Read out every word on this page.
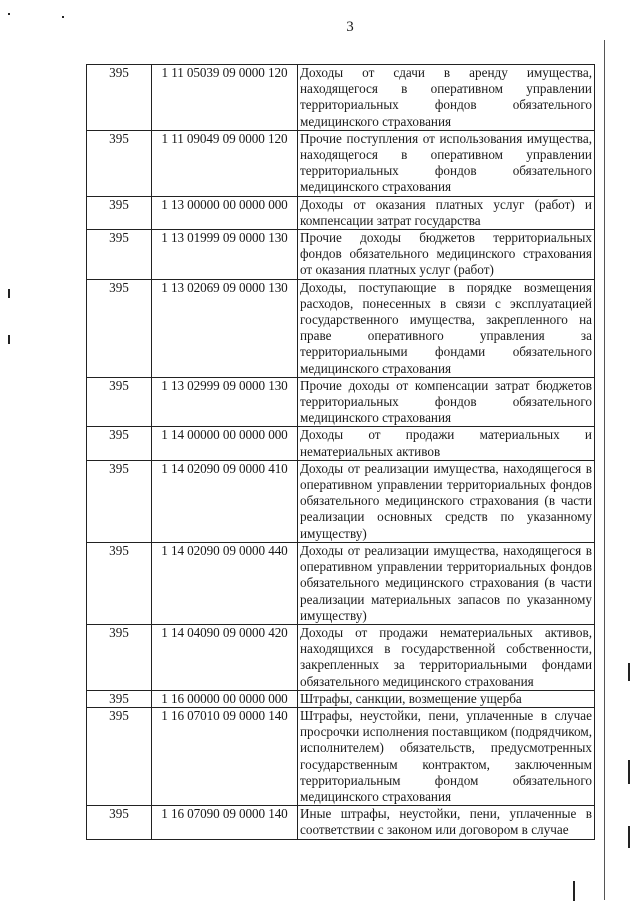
3
395	1 11 05039 09 0000 120	Доходы от сдачи в аренду имущества, находящегося в оперативном управлении территориальных фондов обязательного медицинского страхования
395	1 11 09049 09 0000 120	Прочие поступления от использования имущества, находящегося в оперативном управлении территориальных фондов обязательного медицинского страхования
395	1 13 00000 00 0000 000	Доходы от оказания платных услуг (работ) и компенсации затрат государства
395	1 13 01999 09 0000 130	Прочие доходы бюджетов территориальных фондов обязательного медицинского страхования от оказания платных услуг (работ)
395	1 13 02069 09 0000 130	Доходы, поступающие в порядке возмещения расходов, понесенных в связи с эксплуатацией государственного имущества, закрепленного на праве оперативного управления за территориальными фондами обязательного медицинского страхования
395	1 13 02999 09 0000 130	Прочие доходы от компенсации затрат бюджетов территориальных фондов обязательного медицинского страхования
395	1 14 00000 00 0000 000	Доходы от продажи материальных и нематериальных активов
395	1 14 02090 09 0000 410	Доходы от реализации имущества, находящегося в оперативном управлении территориальных фондов обязательного медицинского страхования (в части реализации основных средств по указанному имуществу)
395	1 14 02090 09 0000 440	Доходы от реализации имущества, находящегося в оперативном управлении территориальных фондов обязательного медицинского страхования (в части реализации материальных запасов по указанному имуществу)
395	1 14 04090 09 0000 420	Доходы от продажи нематериальных активов, находящихся в государственной собственности, закрепленных за территориальными фондами обязательного медицинского страхования
395	1 16 00000 00 0000 000	Штрафы, санкции, возмещение ущерба
395	1 16 07010 09 0000 140	Штрафы, неустойки, пени, уплаченные в случае просрочки исполнения поставщиком (подрядчиком, исполнителем) обязательств, предусмотренных государственным контрактом, заключенным территориальным фондом обязательного медицинского страхования
395	1 16 07090 09 0000 140	Иные штрафы, неустойки, пени, уплаченные в соответствии с законом или договором в случае
